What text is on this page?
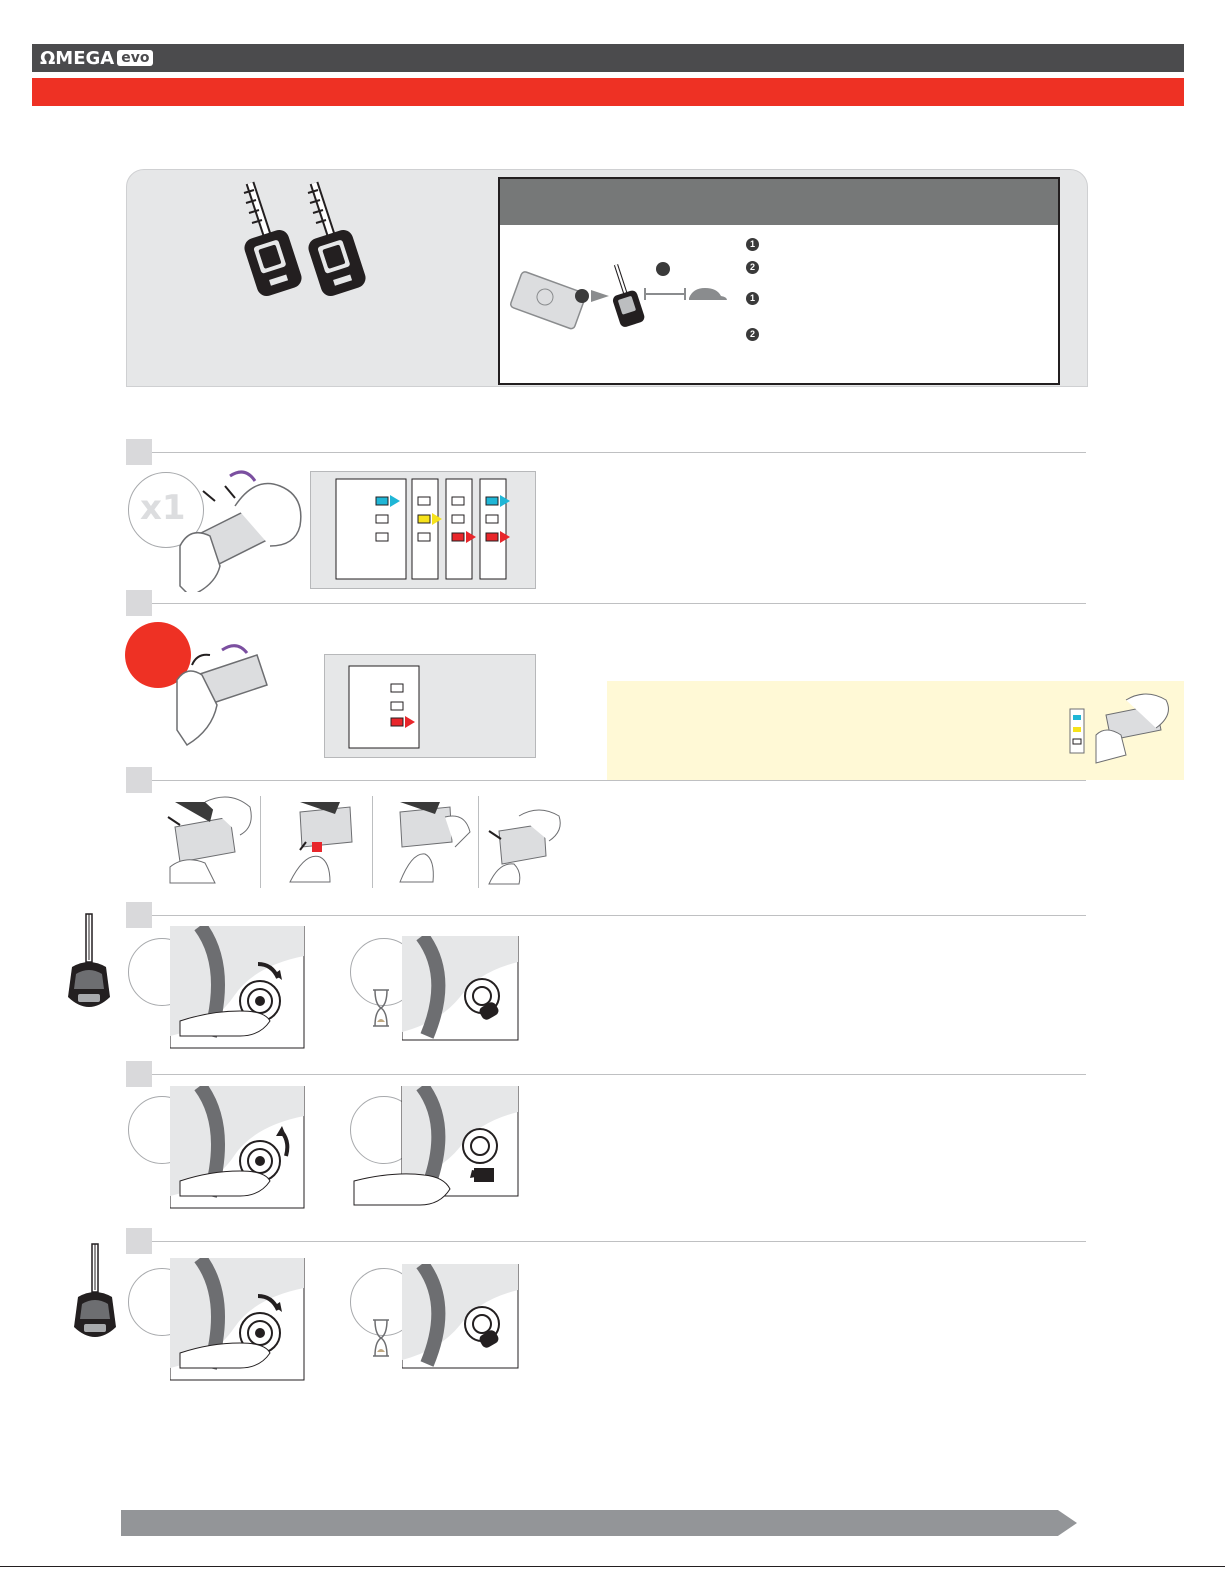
ΩMEGA evo
1
2
1
2
x1
